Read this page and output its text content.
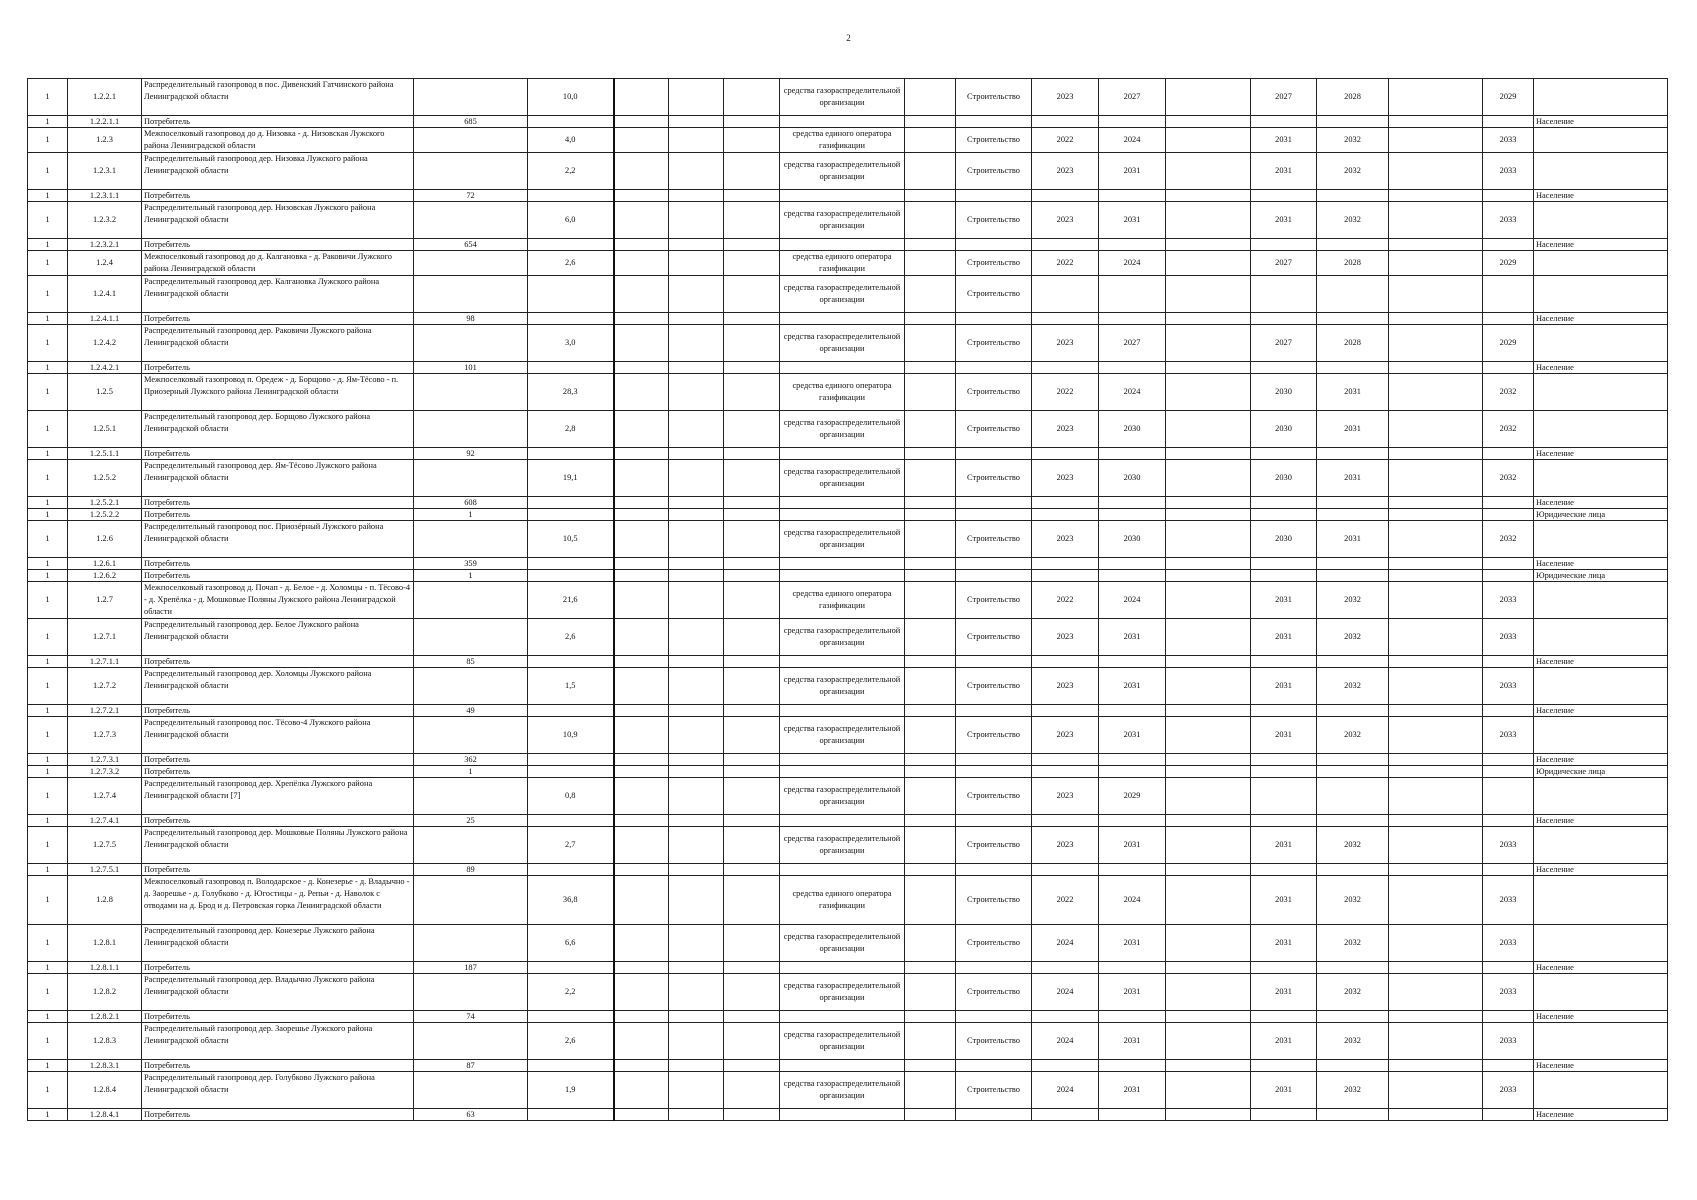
2
1	1.2.2.1	Распределительный газопровод в пос. Дивенский Гатчинского района Ленинградской области		10,0				средства газораспределительной организации		Строительство	2023	2027		2027	2028		2029	
1	1.2.2.1.1	Потребитель	685															Население
1	1.2.3	Межпоселковый газопровод до д. Низовка - д. Низовская Лужского района Ленинградской области		4,0				средства единого оператора газификации		Строительство	2022	2024		2031	2032		2033	
1	1.2.3.1	Распределительный газопровод дер. Низовка Лужского района Ленинградской области		2,2				средства газораспределительной организации		Строительство	2023	2031		2031	2032		2033	
1	1.2.3.1.1	Потребитель	72															Население
1	1.2.3.2	Распределительный газопровод дер. Низовская Лужского района Ленинградской области		6,0				средства газораспределительной организации		Строительство	2023	2031		2031	2032		2033	
1	1.2.3.2.1	Потребитель	654															Население
1	1.2.4	Межпоселковый газопровод до д. Калгановка - д. Раковичи Лужского района Ленинградской области		2,6				средства единого оператора газификации		Строительство	2022	2024		2027	2028		2029	
1	1.2.4.1	Распределительный газопровод дер. Калгановка Лужского района Ленинградской области						средства газораспределительной организации		Строительство								
1	1.2.4.1.1	Потребитель	98															Население
1	1.2.4.2	Распределительный газопровод дер. Раковичи Лужского района Ленинградской области		3,0				средства газораспределительной организации		Строительство	2023	2027		2027	2028		2029	
1	1.2.4.2.1	Потребитель	101															Население
1	1.2.5	Межпоселковый газопровод п. Оредеж - д. Борщово - д. Ям-Тёсово - п. Приозерный Лужского района Ленинградской области		28,3				средства единого оператора газификации		Строительство	2022	2024		2030	2031		2032	
1	1.2.5.1	Распределительный газопровод дер. Борщово Лужского района Ленинградской области		2,8				средства газораспределительной организации		Строительство	2023	2030		2030	2031		2032	
1	1.2.5.1.1	Потребитель	92															Население
1	1.2.5.2	Распределительный газопровод дер. Ям-Тёсово Лужского района Ленинградской области		19,1				средства газораспределительной организации		Строительство	2023	2030		2030	2031		2032	
1	1.2.5.2.1	Потребитель	608															Население
1	1.2.5.2.2	Потребитель	1															Юридические лица
1	1.2.6	Распределительный газопровод пос. Приозёрный Лужского района Ленинградской области		10,5				средства газораспределительной организации		Строительство	2023	2030		2030	2031		2032	
1	1.2.6.1	Потребитель	359															Население
1	1.2.6.2	Потребитель	1															Юридические лица
1	1.2.7	Межпоселковый газопровод д. Почап - д. Белое - д. Холомцы - п. Тёсово-4 - д. Хрепёлка - д. Мошковые Поляны Лужского района Ленинградской области		21,6				средства единого оператора газификации		Строительство	2022	2024		2031	2032		2033	
1	1.2.7.1	Распределительный газопровод дер. Белое Лужского района Ленинградской области		2,6				средства газораспределительной организации		Строительство	2023	2031		2031	2032		2033	
1	1.2.7.1.1	Потребитель	85															Население
1	1.2.7.2	Распределительный газопровод дер. Холомцы Лужского района Ленинградской области		1,5				средства газораспределительной организации		Строительство	2023	2031		2031	2032		2033	
1	1.2.7.2.1	Потребитель	49															Население
1	1.2.7.3	Распределительный газопровод пос. Тёсово-4 Лужского района Ленинградской области		10,9				средства газораспределительной организации		Строительство	2023	2031		2031	2032		2033	
1	1.2.7.3.1	Потребитель	362															Население
1	1.2.7.3.2	Потребитель	1															Юридические лица
1	1.2.7.4	Распределительный газопровод дер. Хрепёлка Лужского района Ленинградской области [7]		0,8				средства газораспределительной организации		Строительство	2023	2029						
1	1.2.7.4.1	Потребитель	25															Население
1	1.2.7.5	Распределительный газопровод дер. Мошковые Поляны Лужского района Ленинградской области		2,7				средства газораспределительной организации		Строительство	2023	2031		2031	2032		2033	
1	1.2.7.5.1	Потребитель	89															Население
1	1.2.8	Межпоселковый газопровод п. Володарское - д. Конезерье - д. Владычно - д. Заорешье - д. Голубково - д. Югостицы - д. Репьи - д. Наволок с отводами на д. Брод и д. Петровская горка Ленинградской области		36,8				средства единого оператора газификации		Строительство	2022	2024		2031	2032		2033	
1	1.2.8.1	Распределительный газопровод дер. Конезерье Лужского района Ленинградской области		6,6				средства газораспределительной организации		Строительство	2024	2031		2031	2032		2033	
1	1.2.8.1.1	Потребитель	187															Население
1	1.2.8.2	Распределительный газопровод дер. Владычно Лужского района Ленинградской области		2,2				средства газораспределительной организации		Строительство	2024	2031		2031	2032		2033	
1	1.2.8.2.1	Потребитель	74															Население
1	1.2.8.3	Распределительный газопровод дер. Заорешье Лужского района Ленинградской области		2,6				средства газораспределительной организации		Строительство	2024	2031		2031	2032		2033	
1	1.2.8.3.1	Потребитель	87															Население
1	1.2.8.4	Распределительный газопровод дер. Голубково Лужского района Ленинградской области		1,9				средства газораспределительной организации		Строительство	2024	2031		2031	2032		2033	
1	1.2.8.4.1	Потребитель	63															Население
